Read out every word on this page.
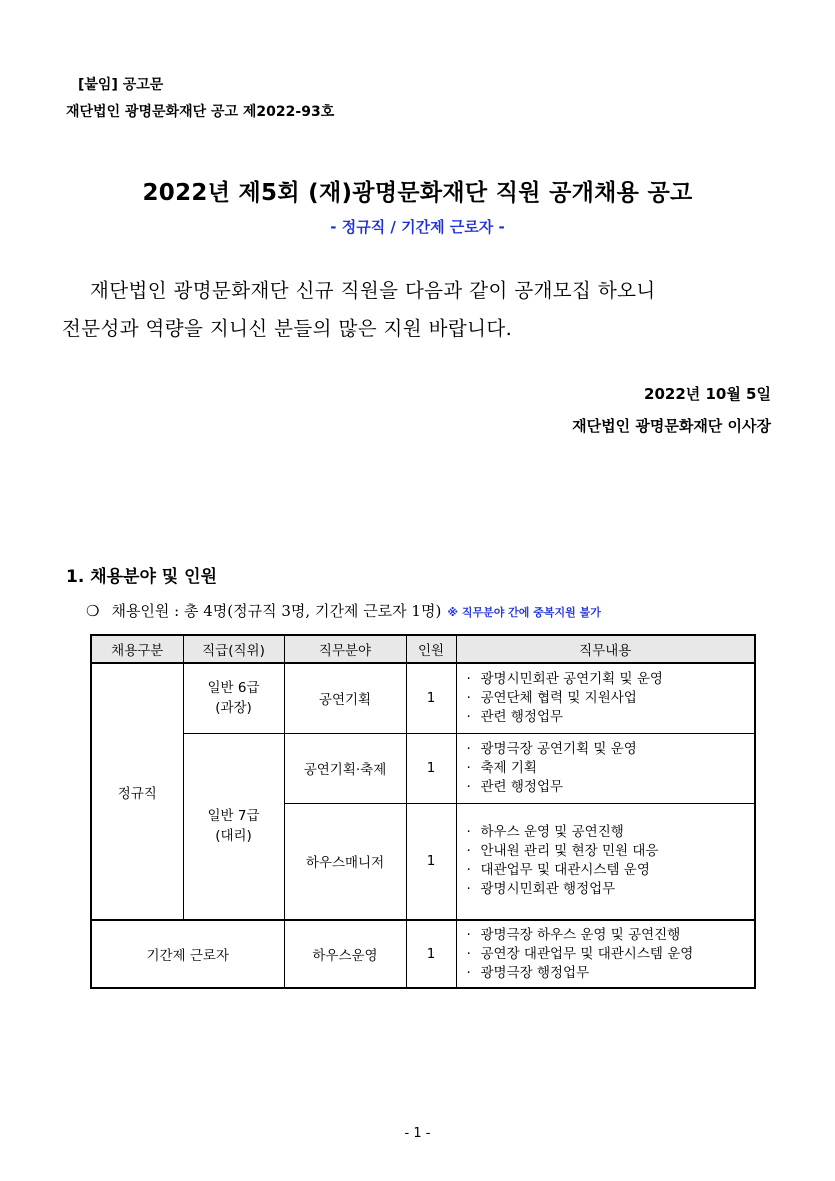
[붙임] 공고문
재단법인 광명문화재단 공고 제2022-93호
2022년 제5회 (재)광명문화재단 직원 공개채용 공고
- 정규직 / 기간제 근로자 -
재단법인 광명문화재단 신규 직원을 다음과 같이 공개모집 하오니
전문성과 역량을 지니신 분들의 많은 지원 바랍니다.
2022년 10월 5일
재단법인 광명문화재단 이사장
1. 채용분야 및 인원
❍ 채용인원 : 총 4명(정규직 3명, 기간제 근로자 1명) ※ 직무분야 간에 중복지원 불가
채용구분	직급(직위)	직무분야	인원	직무내용
정규직	일반 6급
(과장)	공연기획	1	· 광명시민회관 공연기획 및 운영
· 공연단체 협력 및 지원사업
· 관련 행정업무

	일반 7급
(대리)	공연기획·축제	1	· 광명극장 공연기획 및 운영
· 축제 기획
· 관련 행정업무

		하우스매니저	1	· 하우스 운영 및 공연진행
· 안내원 관리 및 현장 민원 대응
· 대관업무 및 대관시스템 운영
· 광명시민회관 행정업무

기간제 근로자		하우스운영	1	· 광명극장 하우스 운영 및 공연진행
· 공연장 대관업무 및 대관시스템 운영
· 광명극장 행정업무
- 1 -
